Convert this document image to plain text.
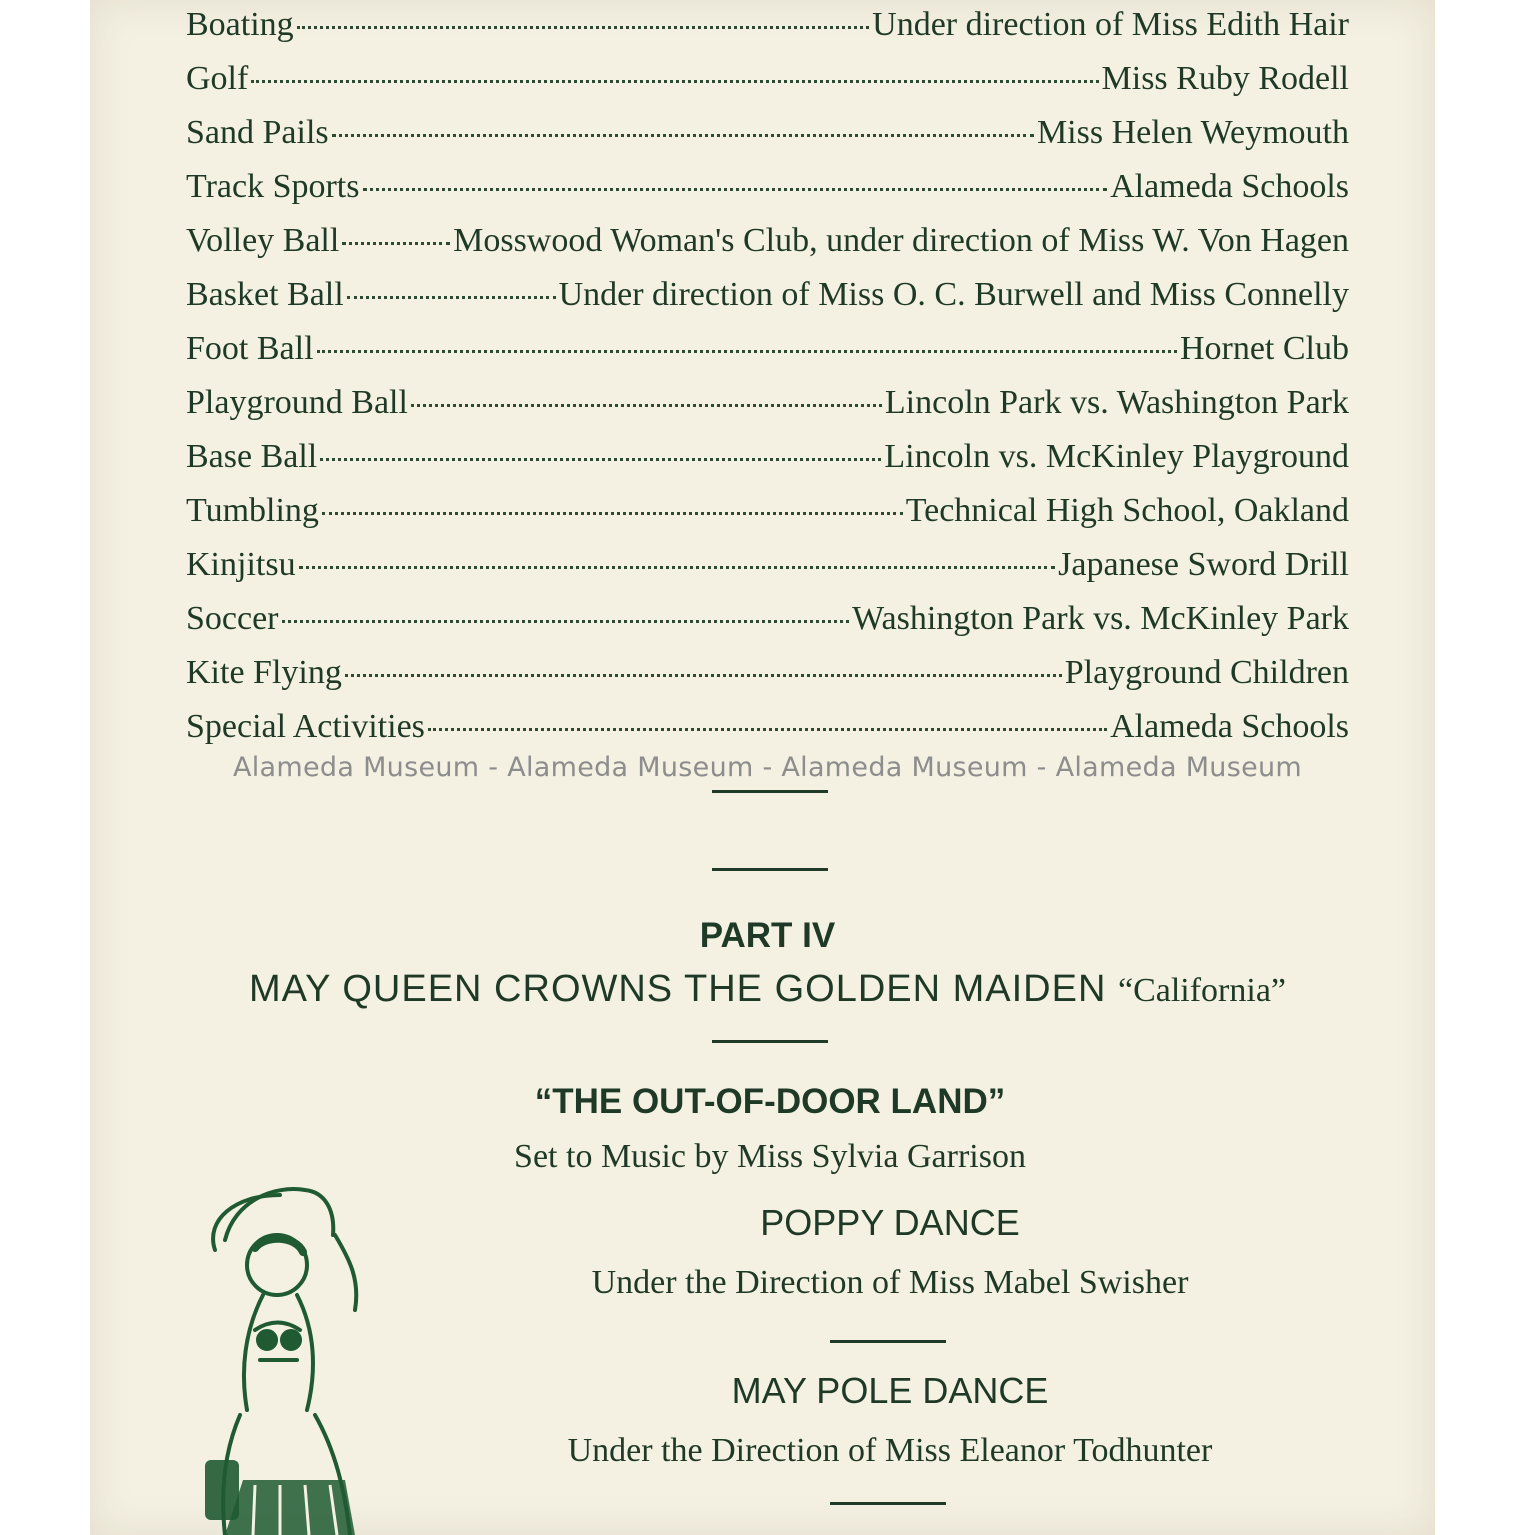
Boating	Under direction of Miss Edith Hair
Golf	Miss Ruby Rodell
Sand Pails	Miss Helen Weymouth
Track Sports	Alameda Schools
Volley Ball	Mosswood Woman's Club, under direction of Miss W. Von Hagen
Basket Ball	Under direction of Miss O. C. Burwell and Miss Connelly
Foot Ball	Hornet Club
Playground Ball	Lincoln Park vs. Washington Park
Base Ball	Lincoln vs. McKinley Playground
Tumbling	Technical High School, Oakland
Kinjitsu	Japanese Sword Drill
Soccer	Washington Park vs. McKinley Park
Kite Flying	Playground Children
Special Activities	Alameda Schools
Alameda Museum - Alameda Museum - Alameda Museum - Alameda Museum
PART IV
MAY QUEEN CROWNS THE GOLDEN MAIDEN “California”
“THE OUT-OF-DOOR LAND”
Set to Music by Miss Sylvia Garrison
POPPY DANCE
Under the Direction of Miss Mabel Swisher
MAY POLE DANCE
Under the Direction of Miss Eleanor Todhunter
